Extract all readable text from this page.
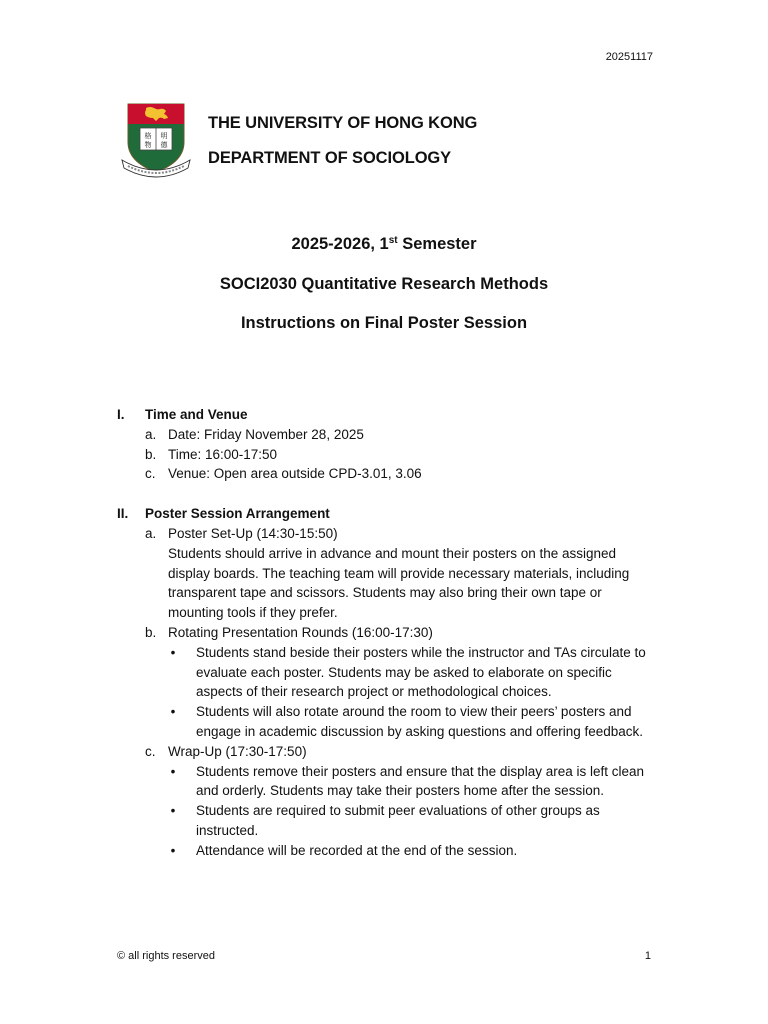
20251117
格 明
物 德
THE UNIVERSITY OF HONG KONG
DEPARTMENT OF SOCIOLOGY
2025-2026, 1st Semester
SOCI2030 Quantitative Research Methods
Instructions on Final Poster Session
I. Time and Venue
a. Date: Friday November 28, 2025
b. Time: 16:00-17:50
c. Venue: Open area outside CPD-3.01, 3.06
II. Poster Session Arrangement
a. Poster Set-Up (14:30-15:50)
Students should arrive in advance and mount their posters on the assigned display boards. The teaching team will provide necessary materials, including transparent tape and scissors. Students may also bring their own tape or mounting tools if they prefer.
b. Rotating Presentation Rounds (16:00-17:30)
• Students stand beside their posters while the instructor and TAs circulate to evaluate each poster. Students may be asked to elaborate on specific aspects of their research project or methodological choices.
• Students will also rotate around the room to view their peers’ posters and engage in academic discussion by asking questions and offering feedback.
c. Wrap-Up (17:30-17:50)
• Students remove their posters and ensure that the display area is left clean and orderly. Students may take their posters home after the session.
• Students are required to submit peer evaluations of other groups as instructed.
• Attendance will be recorded at the end of the session.
© all rights reserved	1
